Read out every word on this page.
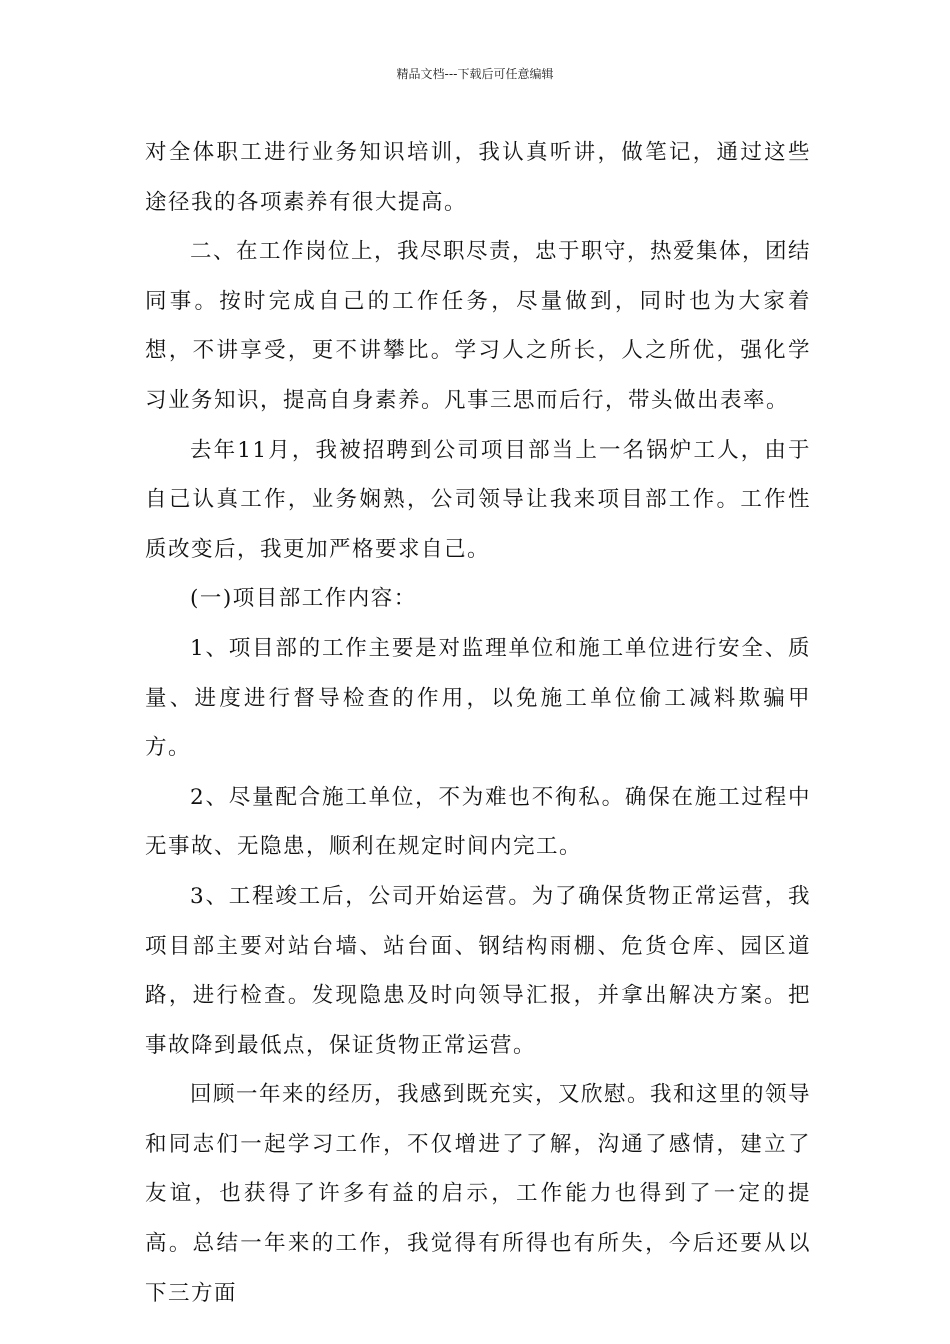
精品文档---下载后可任意编辑

对全体职工进行业务知识培训，我认真听讲，做笔记，通过这些途径我的各项素养有很大提高。

二、在工作岗位上，我尽职尽责，忠于职守，热爱集体，团结同事。按时完成自己的工作任务，尽量做到，同时也为大家着想，不讲享受，更不讲攀比。学习人之所长，人之所优，强化学习业务知识，提高自身素养。凡事三思而后行，带头做出表率。

去年11月，我被招聘到公司项目部当上一名锅炉工人，由于自己认真工作，业务娴熟，公司领导让我来项目部工作。工作性质改变后，我更加严格要求自己。

(一)项目部工作内容：

1、项目部的工作主要是对监理单位和施工单位进行安全、质量、进度进行督导检查的作用，以免施工单位偷工减料欺骗甲方。

2、尽量配合施工单位，不为难也不徇私。确保在施工过程中无事故、无隐患，顺利在规定时间内完工。

3、工程竣工后，公司开始运营。为了确保货物正常运营，我项目部主要对站台墙、站台面、钢结构雨棚、危货仓库、园区道路，进行检查。发现隐患及时向领导汇报，并拿出解决方案。把事故降到最低点，保证货物正常运营。

回顾一年来的经历，我感到既充实，又欣慰。我和这里的领导和同志们一起学习工作，不仅增进了了解，沟通了感情，建立了友谊，也获得了许多有益的启示，工作能力也得到了一定的提高。总结一年来的工作，我觉得有所得也有所失，今后还要从以下三方面
